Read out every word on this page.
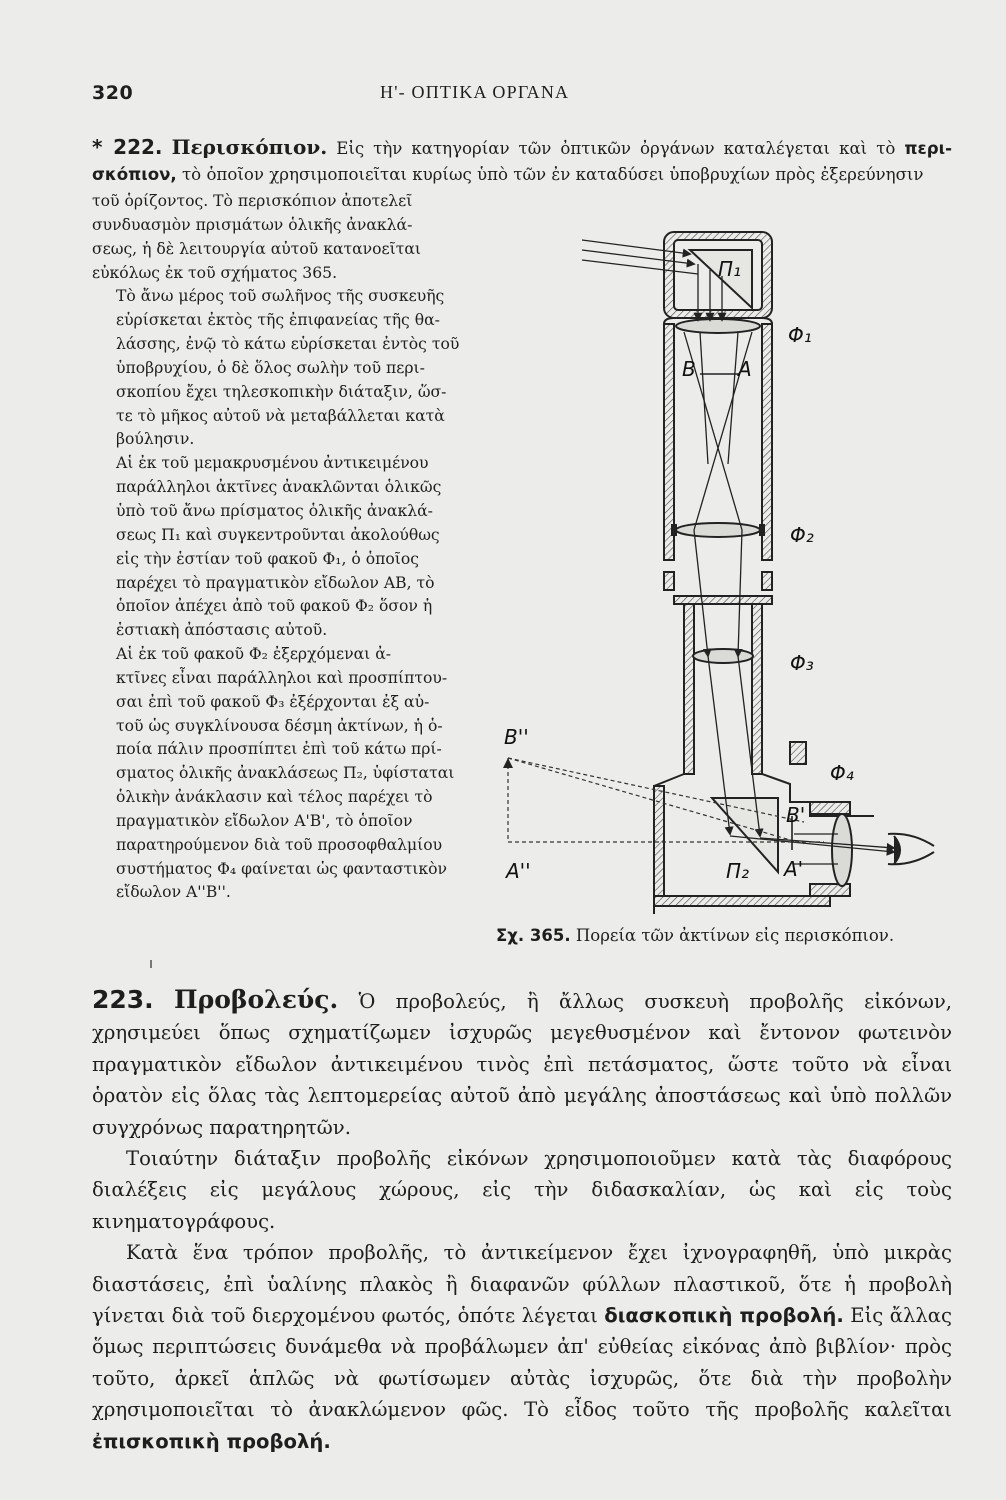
320	Η'- ΟΠΤΙΚΑ ΟΡΓΑΝΑ
* 222. Περισκόπιον. Εἰς τὴν κατηγορίαν τῶν ὀπτικῶν ὀργάνων καταλέγεται καὶ τὸ περι-σκόπιον, τὸ ὁποῖον χρησιμοποιεῖται κυρίως ὑπὸ τῶν ἐν καταδύσει ὑποβρυχίων πρὸς ἐξερεύνησιν

τοῦ ὁρίζοντος. Τὸ περισκόπιον ἀποτελεῖ
συνδυασμὸν πρισμάτων ὁλικῆς ἀνακλά-
σεως, ἡ δὲ λειτουργία αὐτοῦ κατανοεῖται
εὐκόλως ἐκ τοῦ σχήματος 365.

Τὸ ἄνω μέρος τοῦ σωλῆνος τῆς συσκευῆς
εὑρίσκεται ἐκτὸς τῆς ἐπιφανείας τῆς θα-
λάσσης, ἐνῷ τὸ κάτω εὑρίσκεται ἐντὸς τοῦ
ὑποβρυχίου, ὁ δὲ ὅλος σωλὴν τοῦ περι-
σκοπίου ἔχει τηλεσκοπικὴν διάταξιν, ὥσ-
τε τὸ μῆκος αὐτοῦ νὰ μεταβάλλεται κατὰ
βούλησιν.

Αἱ ἐκ τοῦ μεμακρυσμένου ἀντικειμένου
παράλληλοι ἀκτῖνες ἀνακλῶνται ὁλικῶς
ὑπὸ τοῦ ἄνω πρίσματος ὁλικῆς ἀνακλά-
σεως Π₁ καὶ συγκεντροῦνται ἀκολούθως
εἰς τὴν ἑστίαν τοῦ φακοῦ Φ₁, ὁ ὁποῖος
παρέχει τὸ πραγματικὸν εἴδωλον ΑΒ, τὸ
ὁποῖον ἀπέχει ἀπὸ τοῦ φακοῦ Φ₂ ὅσον ἡ
ἑστιακὴ ἀπόστασις αὐτοῦ.

Αἱ ἐκ τοῦ φακοῦ Φ₂ ἐξερχόμεναι ἀ-
κτῖνες εἶναι παράλληλοι καὶ προσπίπτου-
σαι ἐπὶ τοῦ φακοῦ Φ₃ ἐξέρχονται ἐξ αὐ-
τοῦ ὡς συγκλίνουσα δέσμη ἀκτίνων, ἡ ὁ-
ποία πάλιν προσπίπτει ἐπὶ τοῦ κάτω πρί-
σματος ὁλικῆς ἀνακλάσεως Π₂, ὑφίσταται
ὁλικὴν ἀνάκλασιν καὶ τέλος παρέχει τὸ
πραγματικὸν εἴδωλον Α'Β', τὸ ὁποῖον
παρατηρούμενον διὰ τοῦ προσοφθαλμίου
συστήματος Φ₄ φαίνεται ὡς φανταστικὸν
εἴδωλον Α''Β''.

Π₁
Φ₁
B A
Φ₂
Φ₃
B''
Φ₄
B'
A'
Π₂
A''
Σχ. 365. Πορεία τῶν ἀκτίνων εἰς περισκόπιον.

223. Προβολεύς. Ὁ προβολεύς, ἢ ἄλλως συσκευὴ προβολῆς εἰκόνων, χρησιμεύει ὅπως σχηματίζωμεν ἰσχυρῶς μεγεθυσμένον καὶ ἔντονον φωτεινὸν πραγματικὸν εἴδωλον ἀντικειμένου τινὸς ἐπὶ πετάσματος, ὥστε τοῦτο νὰ εἶναι ὁρατὸν εἰς ὅλας τὰς λεπτομερείας αὐτοῦ ἀπὸ μεγάλης ἀποστάσεως καὶ ὑπὸ πολλῶν συγχρόνως παρατηρητῶν.

Τοιαύτην διάταξιν προβολῆς εἰκόνων χρησιμοποιοῦμεν κατὰ τὰς διαφόρους διαλέξεις εἰς μεγάλους χώρους, εἰς τὴν διδασκαλίαν, ὡς καὶ εἰς τοὺς κινηματογράφους.

Κατὰ ἕνα τρόπον προβολῆς, τὸ ἀντικείμενον ἔχει ἰχνογραφηθῆ, ὑπὸ μικρὰς διαστάσεις, ἐπὶ ὑαλίνης πλακὸς ἢ διαφανῶν φύλλων πλαστικοῦ, ὅτε ἡ προβολὴ γίνεται διὰ τοῦ διερχομένου φωτός, ὁπότε λέγεται διασκοπικὴ προβολή. Εἰς ἄλλας ὅμως περιπτώσεις δυνάμεθα νὰ προβάλωμεν ἀπ' εὐθείας εἰκόνας ἀπὸ βιβλίον· πρὸς τοῦτο, ἀρκεῖ ἁπλῶς νὰ φωτίσωμεν αὐτὰς ἰσχυρῶς, ὅτε διὰ τὴν προβολὴν χρησιμοποιεῖται τὸ ἀνακλώμενον φῶς. Τὸ εἶδος τοῦτο τῆς προβολῆς καλεῖται ἐπισκοπικὴ προβολή.
